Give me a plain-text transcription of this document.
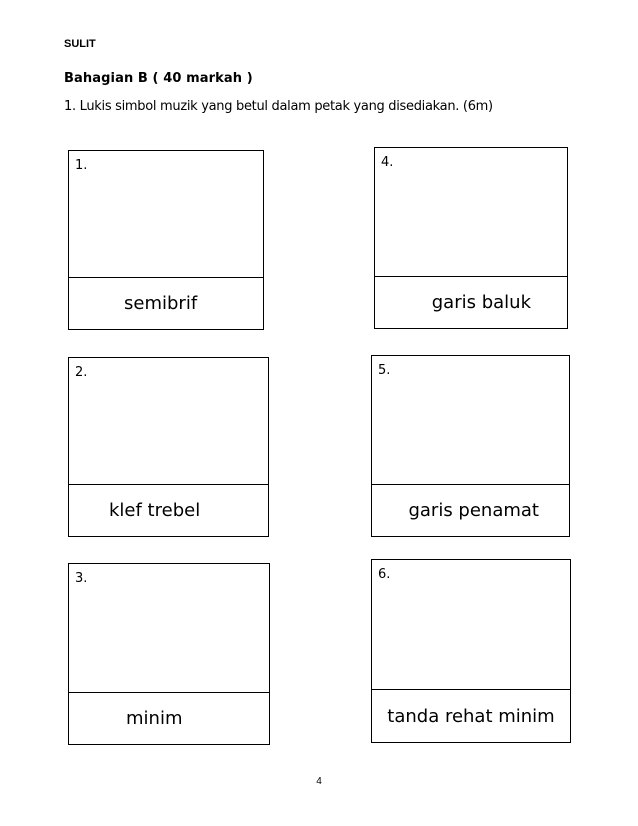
SULIT
Bahagian B ( 40 markah )
1. Lukis simbol muzik yang betul dalam petak yang disediakan. (6m)
1.
semibrif
4.
garis baluk
2.
klef trebel
5.
garis penamat
3.
minim
6.
tanda rehat minim
4
